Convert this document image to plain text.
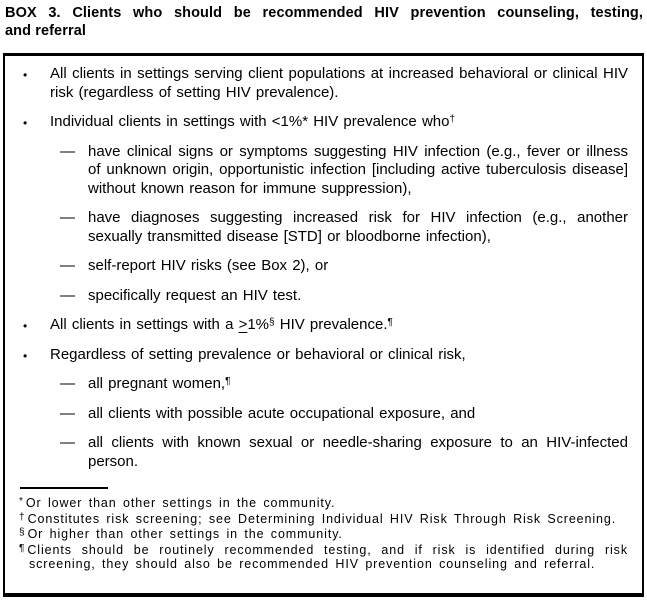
BOX 3. Clients who should be recommended HIV prevention counseling, testing,
and referral
• All clients in settings serving client populations at increased behavioral or clinical HIV risk (regardless of setting HIV prevalence).
• Individual clients in settings with <1%* HIV prevalence who†
— have clinical signs or symptoms suggesting HIV infection (e.g., fever or illness of unknown origin, opportunistic infection [including active tuberculosis disease] without known reason for immune suppression),
— have diagnoses suggesting increased risk for HIV infection (e.g., another sexually transmitted disease [STD] or bloodborne infection),
— self-report HIV risks (see Box 2), or
— specifically request an HIV test.
• All clients in settings with a ≥1%§ HIV prevalence.¶
• Regardless of setting prevalence or behavioral or clinical risk,
— all pregnant women,¶
— all clients with possible acute occupational exposure, and
— all clients with known sexual or needle-sharing exposure to an HIV-infected person.
* Or lower than other settings in the community.
† Constitutes risk screening; see Determining Individual HIV Risk Through Risk Screening.
§ Or higher than other settings in the community.
¶ Clients should be routinely recommended testing, and if risk is identified during risk screening, they should also be recommended HIV prevention counseling and referral.
